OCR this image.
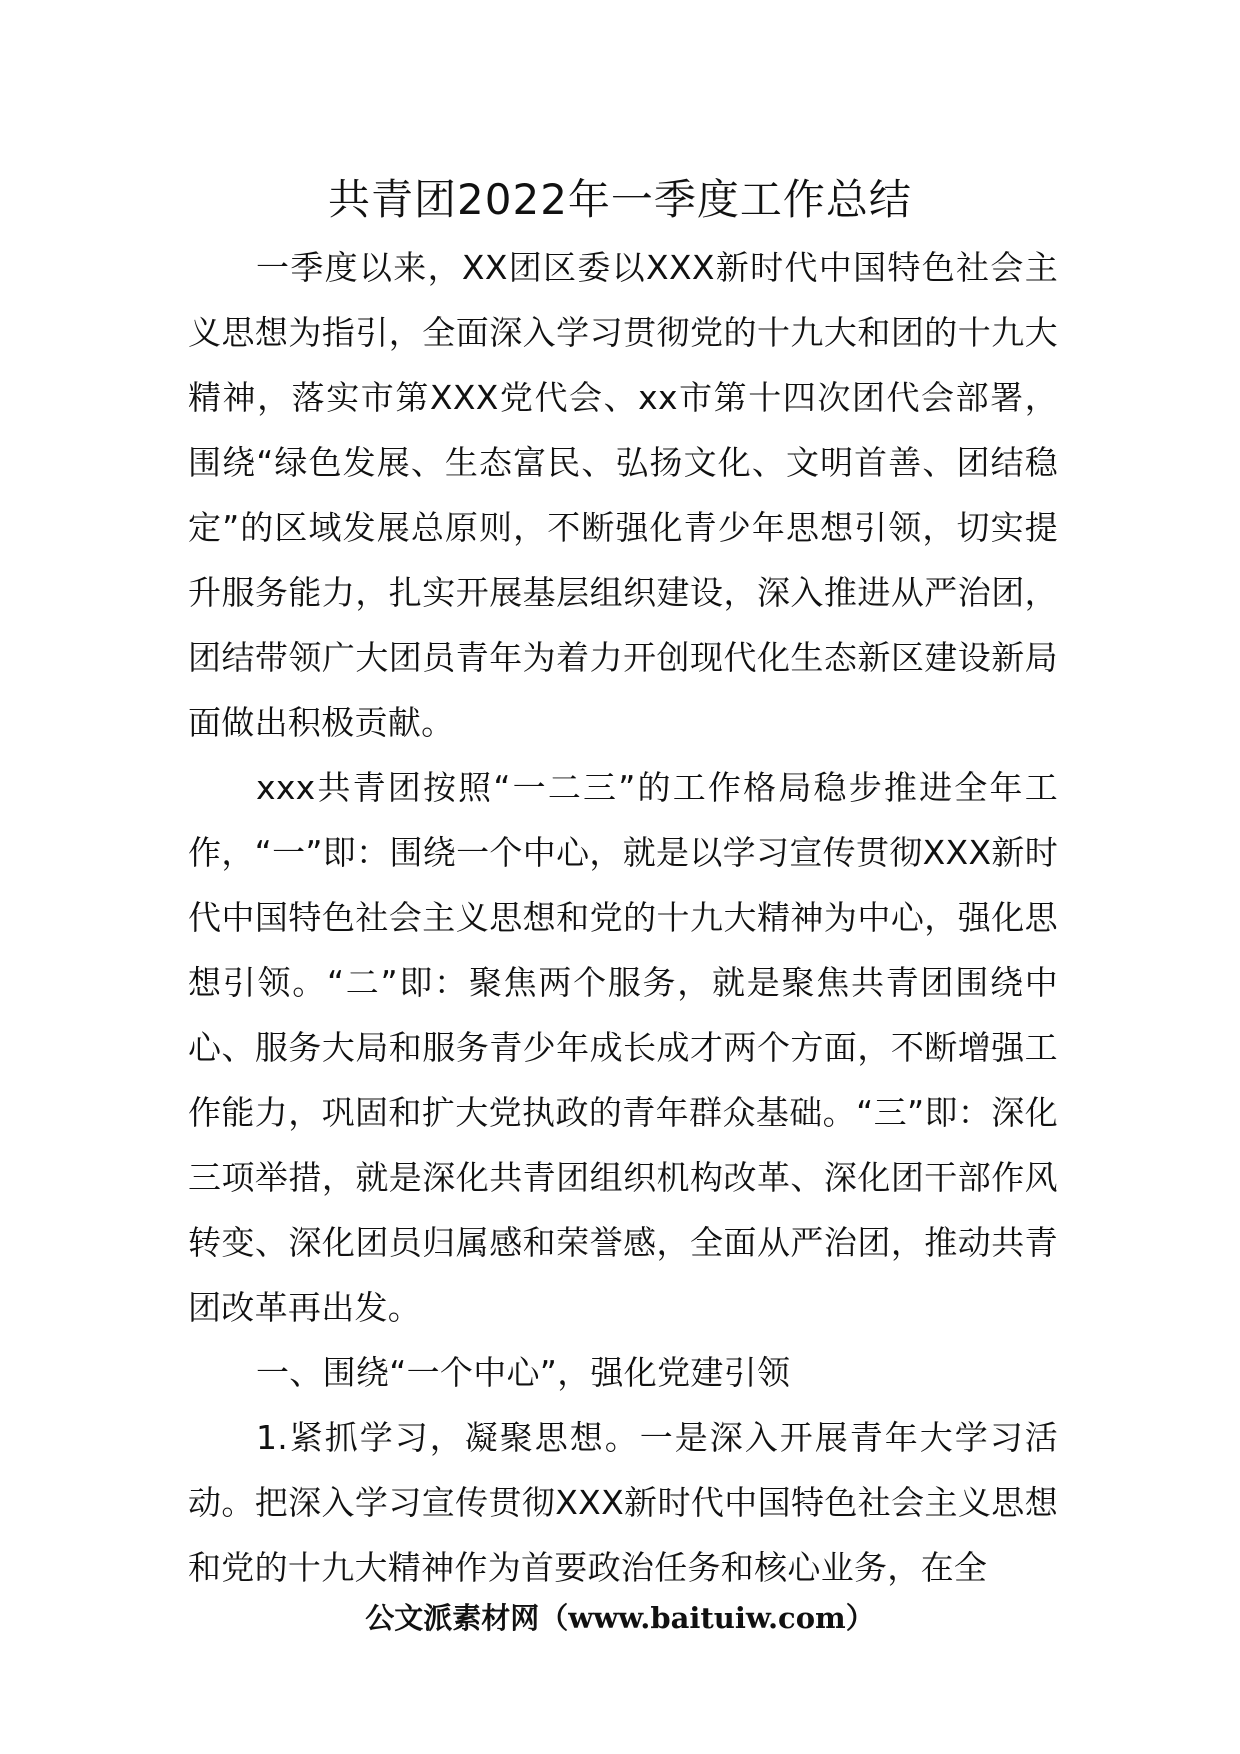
共青团2022年一季度工作总结

一季度以来，XX团区委以XXX新时代中国特色社会主义思想为指引，全面深入学习贯彻党的十九大和团的十九大精神，落实市第XXX党代会、xx市第十四次团代会部署，围绕“绿色发展、生态富民、弘扬文化、文明首善、团结稳定”的区域发展总原则，不断强化青少年思想引领，切实提升服务能力，扎实开展基层组织建设，深入推进从严治团，团结带领广大团员青年为着力开创现代化生态新区建设新局面做出积极贡献。

xxx共青团按照“一二三”的工作格局稳步推进全年工作，“一”即：围绕一个中心，就是以学习宣传贯彻XXX新时代中国特色社会主义思想和党的十九大精神为中心，强化思想引领。“二”即：聚焦两个服务，就是聚焦共青团围绕中心、服务大局和服务青少年成长成才两个方面，不断增强工作能力，巩固和扩大党执政的青年群众基础。“三”即：深化三项举措，就是深化共青团组织机构改革、深化团干部作风转变、深化团员归属感和荣誉感，全面从严治团，推动共青团改革再出发。

一、围绕“一个中心”，强化党建引领

1.紧抓学习，凝聚思想。一是深入开展青年大学习活动。把深入学习宣传贯彻XXX新时代中国特色社会主义思想和党的十九大精神作为首要政治任务和核心业务，在全

公文派素材网（www.baituiw.com）
